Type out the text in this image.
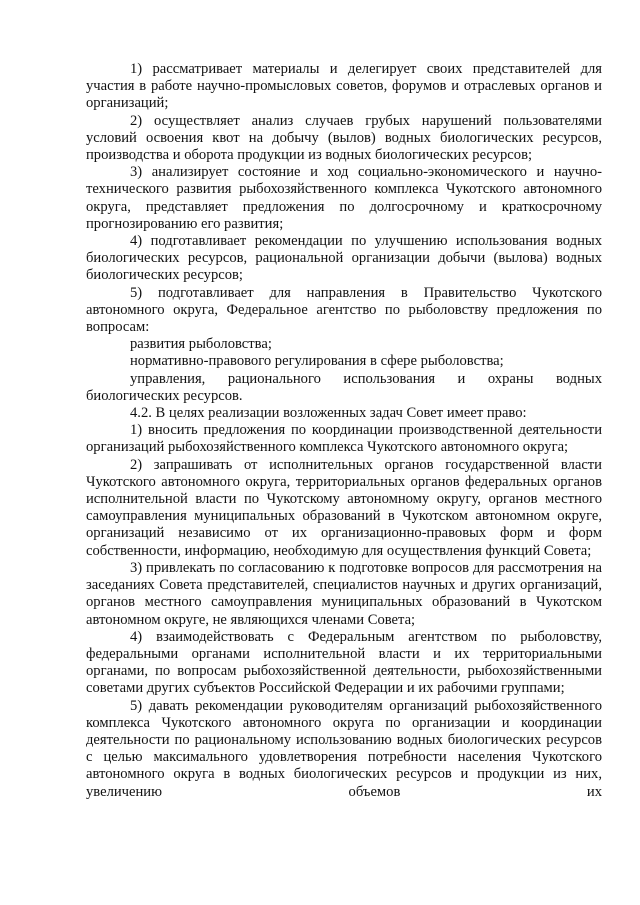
1) рассматривает материалы и делегирует своих представителей для участия в работе научно-промысловых советов, форумов и отраслевых органов и организаций;

2) осуществляет анализ случаев грубых нарушений пользователями условий освоения квот на добычу (вылов) водных биологических ресурсов, производства и оборота продукции из водных биологических ресурсов;

3) анализирует состояние и ход социально-экономического и научно-технического развития рыбохозяйственного комплекса Чукотского автономного округа, представляет предложения по долгосрочному и краткосрочному прогнозированию его развития;

4) подготавливает рекомендации по улучшению использования водных биологических ресурсов, рациональной организации добычи (вылова) водных биологических ресурсов;

5) подготавливает для направления в Правительство Чукотского автономного округа, Федеральное агентство по рыболовству предложения по вопросам:

развития рыболовства;

нормативно-правового регулирования в сфере рыболовства;

управления, рационального использования и охраны водных биологических ресурсов.

4.2. В целях реализации возложенных задач Совет имеет право:

1) вносить предложения по координации производственной деятельности организаций рыбохозяйственного комплекса Чукотского автономного округа;

2) запрашивать от исполнительных органов государственной власти Чукотского автономного округа, территориальных органов федеральных органов исполнительной власти по Чукотскому автономному округу, органов местного самоуправления муниципальных образований в Чукотском автономном округе, организаций независимо от их организационно-правовых форм и форм собственности, информацию, необходимую для осуществления функций Совета;

3) привлекать по согласованию к подготовке вопросов для рассмотрения на заседаниях Совета представителей, специалистов научных и других организаций, органов местного самоуправления муниципальных образований в Чукотском автономном округе, не являющихся членами Совета;

4) взаимодействовать с Федеральным агентством по рыболовству, федеральными органами исполнительной власти и их территориальными органами, по вопросам рыбохозяйственной деятельности, рыбохозяйственными советами других субъектов Российской Федерации и их рабочими группами;

5) давать рекомендации руководителям организаций рыбохозяйственного комплекса Чукотского автономного округа по организации и координации деятельности по рациональному использованию водных биологических ресурсов с целью максимального удовлетворения потребности населения Чукотского автономного округа в водных биологических ресурсов и продукции из них, увеличению объемов их
